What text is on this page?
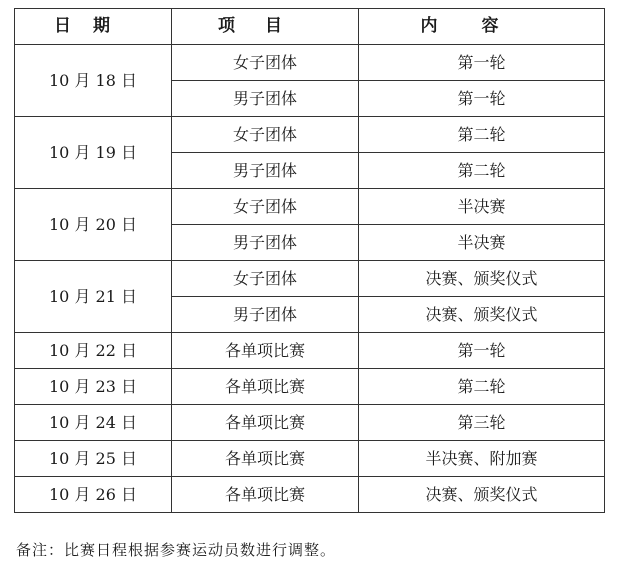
日期	项目	内容
10 月 18 日	女子团体	第一轮
	男子团体	第一轮
10 月 19 日	女子团体	第二轮
	男子团体	第二轮
10 月 20 日	女子团体	半决赛
	男子团体	半决赛
10 月 21 日	女子团体	决赛、颁奖仪式
	男子团体	决赛、颁奖仪式
10 月 22 日	各单项比赛	第一轮
10 月 23 日	各单项比赛	第二轮
10 月 24 日	各单项比赛	第三轮
10 月 25 日	各单项比赛	半决赛、附加赛
10 月 26 日	各单项比赛	决赛、颁奖仪式
备注：比赛日程根据参赛运动员数进行调整。
